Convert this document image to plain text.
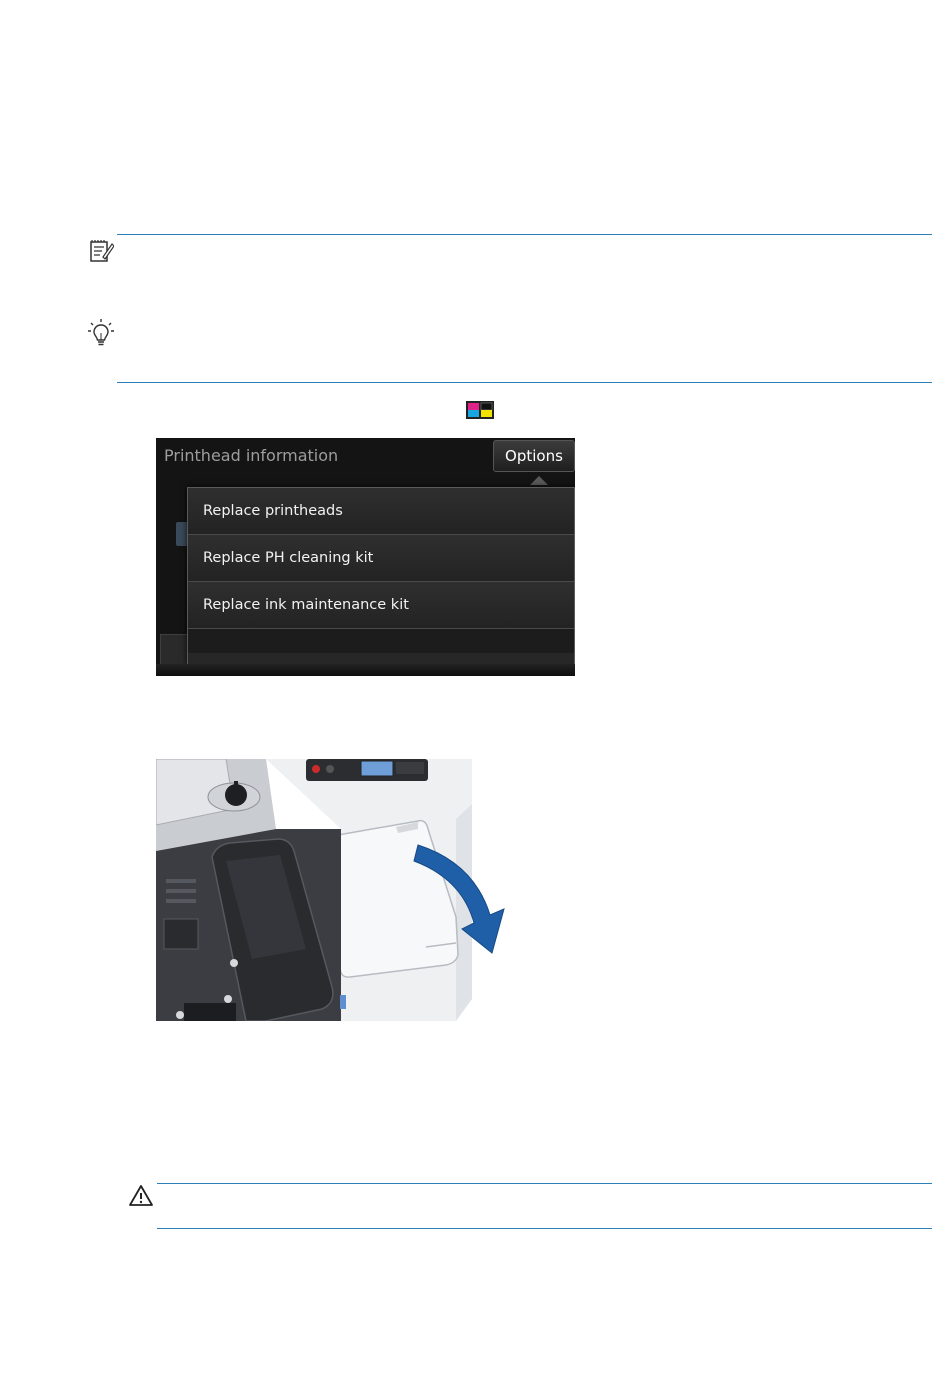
Printhead information	Options
Replace printheads
Replace PH cleaning kit
Replace ink maintenance kit
